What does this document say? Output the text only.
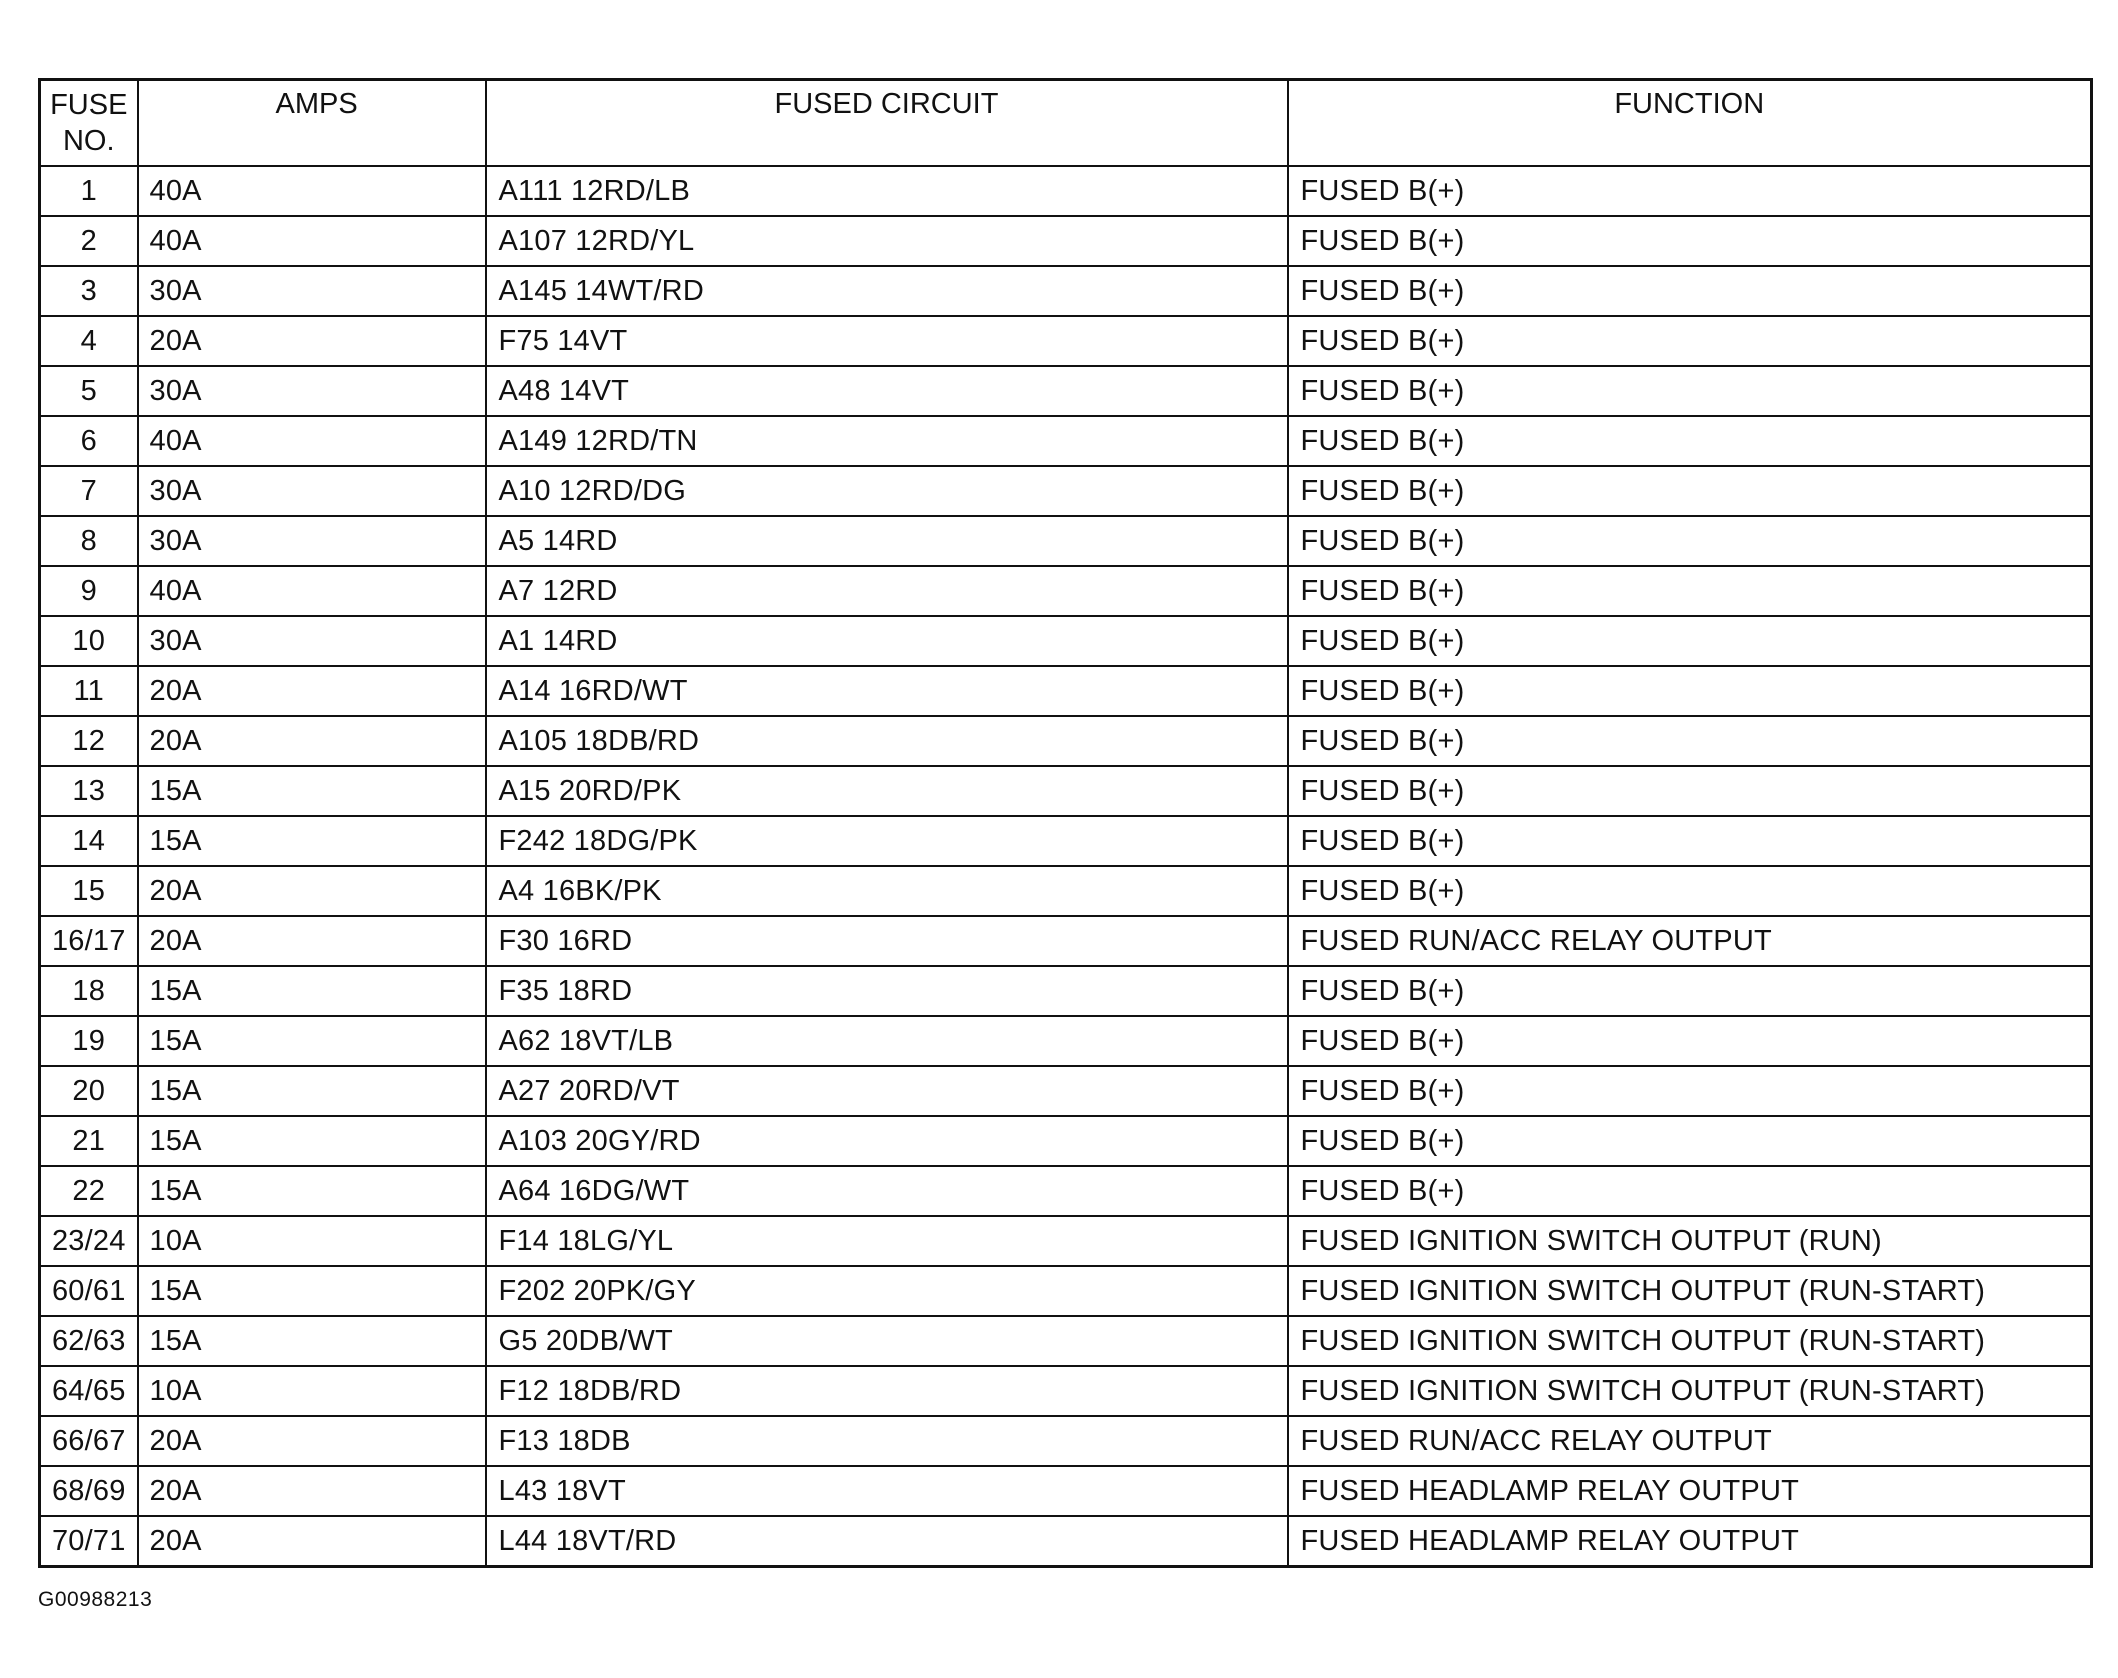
FUSE NO.	AMPS	FUSED CIRCUIT	FUNCTION
1	40A	A111 12RD/LB	FUSED B(+)
2	40A	A107 12RD/YL	FUSED B(+)
3	30A	A145 14WT/RD	FUSED B(+)
4	20A	F75 14VT	FUSED B(+)
5	30A	A48 14VT	FUSED B(+)
6	40A	A149 12RD/TN	FUSED B(+)
7	30A	A10 12RD/DG	FUSED B(+)
8	30A	A5 14RD	FUSED B(+)
9	40A	A7 12RD	FUSED B(+)
10	30A	A1 14RD	FUSED B(+)
11	20A	A14 16RD/WT	FUSED B(+)
12	20A	A105 18DB/RD	FUSED B(+)
13	15A	A15 20RD/PK	FUSED B(+)
14	15A	F242 18DG/PK	FUSED B(+)
15	20A	A4 16BK/PK	FUSED B(+)
16/17	20A	F30 16RD	FUSED RUN/ACC RELAY OUTPUT
18	15A	F35 18RD	FUSED B(+)
19	15A	A62 18VT/LB	FUSED B(+)
20	15A	A27 20RD/VT	FUSED B(+)
21	15A	A103 20GY/RD	FUSED B(+)
22	15A	A64 16DG/WT	FUSED B(+)
23/24	10A	F14 18LG/YL	FUSED IGNITION SWITCH OUTPUT (RUN)
60/61	15A	F202 20PK/GY	FUSED IGNITION SWITCH OUTPUT (RUN-START)
62/63	15A	G5 20DB/WT	FUSED IGNITION SWITCH OUTPUT (RUN-START)
64/65	10A	F12 18DB/RD	FUSED IGNITION SWITCH OUTPUT (RUN-START)
66/67	20A	F13 18DB	FUSED RUN/ACC RELAY OUTPUT
68/69	20A	L43 18VT	FUSED HEADLAMP RELAY OUTPUT
70/71	20A	L44 18VT/RD	FUSED HEADLAMP RELAY OUTPUT
G00988213
